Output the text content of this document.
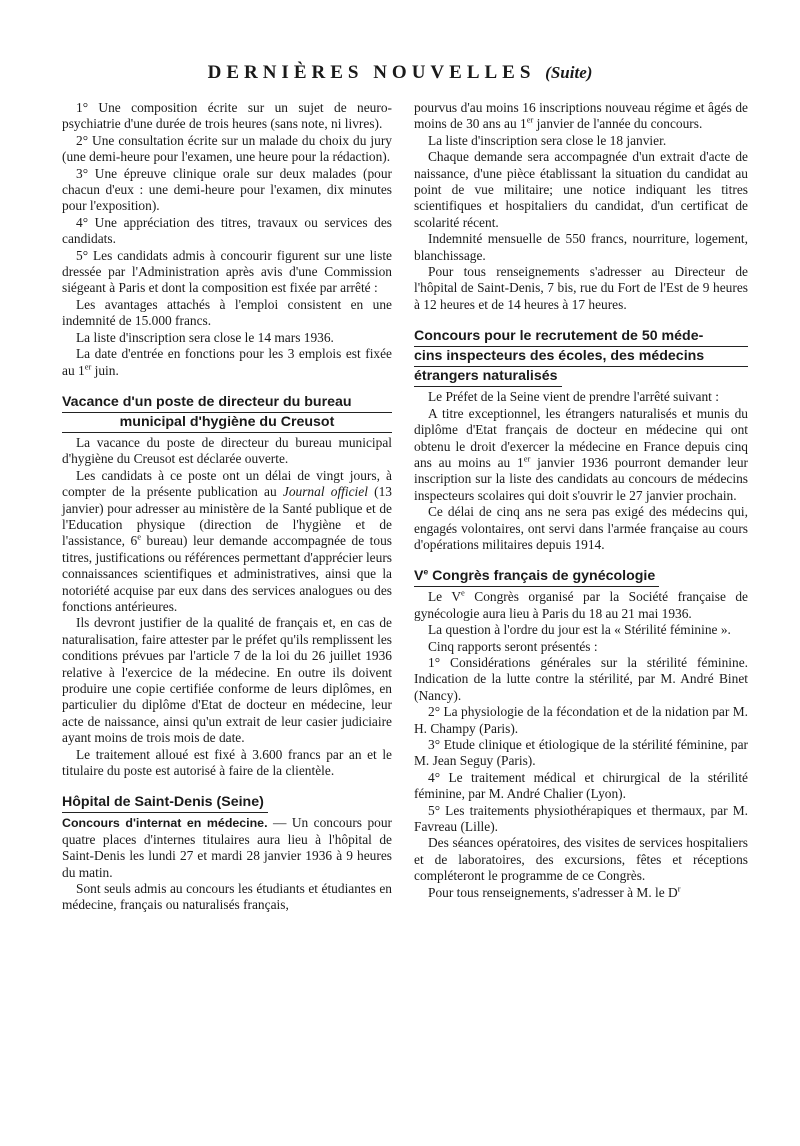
DERNIÈRES NOUVELLES (Suite)

1° Une composition écrite sur un sujet de neuro-psychiatrie d'une durée de trois heures (sans note, ni livres).

2° Une consultation écrite sur un malade du choix du jury (une demi-heure pour l'examen, une heure pour la rédaction).

3° Une épreuve clinique orale sur deux malades (pour chacun d'eux : une demi-heure pour l'examen, dix minutes pour l'exposition).

4° Une appréciation des titres, travaux ou services des candidats.

5° Les candidats admis à concourir figurent sur une liste dressée par l'Administration après avis d'une Commission siégeant à Paris et dont la composition est fixée par arrêté :

Les avantages attachés à l'emploi consistent en une indemnité de 15.000 francs.

La liste d'inscription sera close le 14 mars 1936.

La date d'entrée en fonctions pour les 3 emplois est fixée au 1er juin.

Vacance d'un poste de directeur du bureau
municipal d'hygiène du Creusot

La vacance du poste de directeur du bureau municipal d'hygiène du Creusot est déclarée ouverte.

Les candidats à ce poste ont un délai de vingt jours, à compter de la présente publication au Journal officiel (13 janvier) pour adresser au ministère de la Santé publique et de l'Education physique (direction de l'hygiène et de l'assistance, 6e bureau) leur demande accompagnée de tous titres, justifications ou références permettant d'apprécier leurs connaissances scientifiques et administratives, ainsi que la notoriété acquise par eux dans des services analogues ou des fonctions antérieures.

Ils devront justifier de la qualité de français et, en cas de naturalisation, faire attester par le préfet qu'ils remplissent les conditions prévues par l'article 7 de la loi du 26 juillet 1936 relative à l'exercice de la médecine. En outre ils doivent produire une copie certifiée conforme de leurs diplômes, en particulier du diplôme d'Etat de docteur en médecine, leur acte de naissance, ainsi qu'un extrait de leur casier judiciaire ayant moins de trois mois de date.

Le traitement alloué est fixé à 3.600 francs par an et le titulaire du poste est autorisé à faire de la clientèle.

Hôpital de Saint-Denis (Seine)

Concours d'internat en médecine. — Un concours pour quatre places d'internes titulaires aura lieu à l'hôpital de Saint-Denis les lundi 27 et mardi 28 janvier 1936 à 9 heures du matin.

Sont seuls admis au concours les étudiants et étudiantes en médecine, français ou naturalisés français,

pourvus d'au moins 16 inscriptions nouveau régime et âgés de moins de 30 ans au 1er janvier de l'année du concours.

La liste d'inscription sera close le 18 janvier.

Chaque demande sera accompagnée d'un extrait d'acte de naissance, d'une pièce établissant la situation du candidat au point de vue militaire; une notice indiquant les titres scientifiques et hospitaliers du candidat, d'un certificat de scolarité récent.

Indemnité mensuelle de 550 francs, nourriture, logement, blanchissage.

Pour tous renseignements s'adresser au Directeur de l'hôpital de Saint-Denis, 7 bis, rue du Fort de l'Est de 9 heures à 12 heures et de 14 heures à 17 heures.

Concours pour le recrutement de 50 méde-
cins inspecteurs des écoles, des médecins
étrangers naturalisés

Le Préfet de la Seine vient de prendre l'arrêté suivant :

A titre exceptionnel, les étrangers naturalisés et munis du diplôme d'Etat français de docteur en médecine qui ont obtenu le droit d'exercer la médecine en France depuis cinq ans au moins au 1er janvier 1936 pourront demander leur inscription sur la liste des candidats au concours de médecins inspecteurs scolaires qui doit s'ouvrir le 27 janvier prochain.

Ce délai de cinq ans ne sera pas exigé des médecins qui, engagés volontaires, ont servi dans l'armée française au cours d'opérations militaires depuis 1914.

Ve Congrès français de gynécologie

Le Ve Congrès organisé par la Société française de gynécologie aura lieu à Paris du 18 au 21 mai 1936.

La question à l'ordre du jour est la « Stérilité féminine ».

Cinq rapports seront présentés :

1° Considérations générales sur la stérilité féminine. Indication de la lutte contre la stérilité, par M. André Binet (Nancy).

2° La physiologie de la fécondation et de la nidation par M. H. Champy (Paris).

3° Etude clinique et étiologique de la stérilité féminine, par M. Jean Seguy (Paris).

4° Le traitement médical et chirurgical de la stérilité féminine, par M. André Chalier (Lyon).

5° Les traitements physiothérapiques et thermaux, par M. Favreau (Lille).

Des séances opératoires, des visites de services hospitaliers et de laboratoires, des excursions, fêtes et réceptions compléteront le programme de ce Congrès.

Pour tous renseignements, s'adresser à M. le $D^r$
